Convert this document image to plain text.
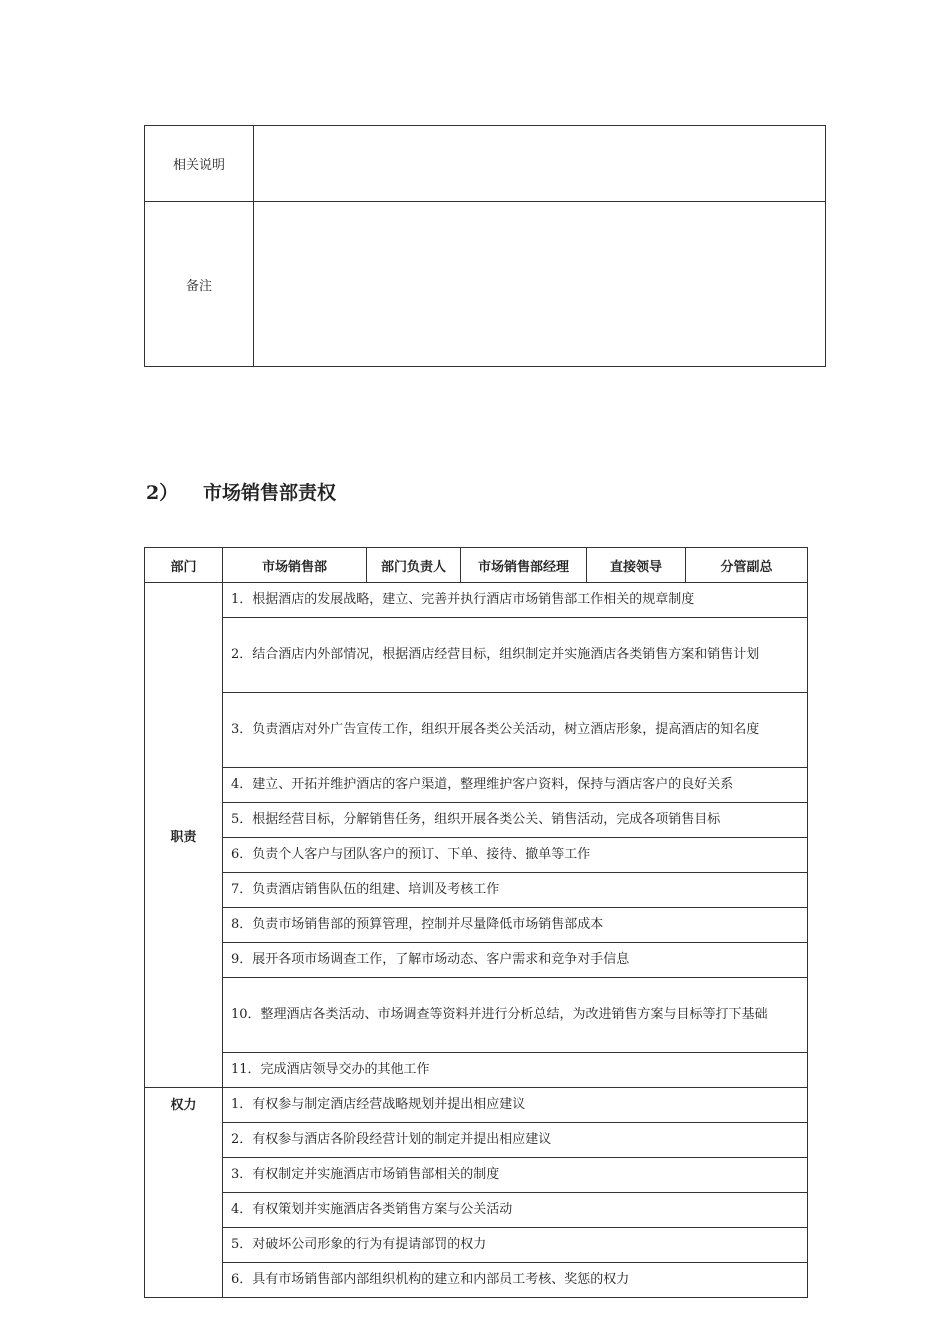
相关说明	
备注	
2） 市场销售部责权
部门	市场销售部	部门负责人	市场销售部经理	直接领导	分管副总
职责	1．根据酒店的发展战略，建立、完善并执行酒店市场销售部工作相关的规章制度				
	2．结合酒店内外部情况，根据酒店经营目标，组织制定并实施酒店各类销售方案和销售计划				
	3．负责酒店对外广告宣传工作，组织开展各类公关活动，树立酒店形象，提高酒店的知名度				
	4．建立、开拓并维护酒店的客户渠道，整理维护客户资料，保持与酒店客户的良好关系				
	5．根据经营目标，分解销售任务，组织开展各类公关、销售活动，完成各项销售目标				
	6．负责个人客户与团队客户的预订、下单、接待、撤单等工作				
	7．负责酒店销售队伍的组建、培训及考核工作				
	8．负责市场销售部的预算管理，控制并尽量降低市场销售部成本				
	9．展开各项市场调查工作，了解市场动态、客户需求和竞争对手信息				
	10．整理酒店各类活动、市场调查等资料并进行分析总结，为改进销售方案与目标等打下基础				
	11．完成酒店领导交办的其他工作				
权力	1．有权参与制定酒店经营战略规划并提出相应建议				
	2．有权参与酒店各阶段经营计划的制定并提出相应建议				
	3．有权制定并实施酒店市场销售部相关的制度				
	4．有权策划并实施酒店各类销售方案与公关活动				
	5．对破坏公司形象的行为有提请部罚的权力				
	6．具有市场销售部内部组织机构的建立和内部员工考核、奖惩的权力				
